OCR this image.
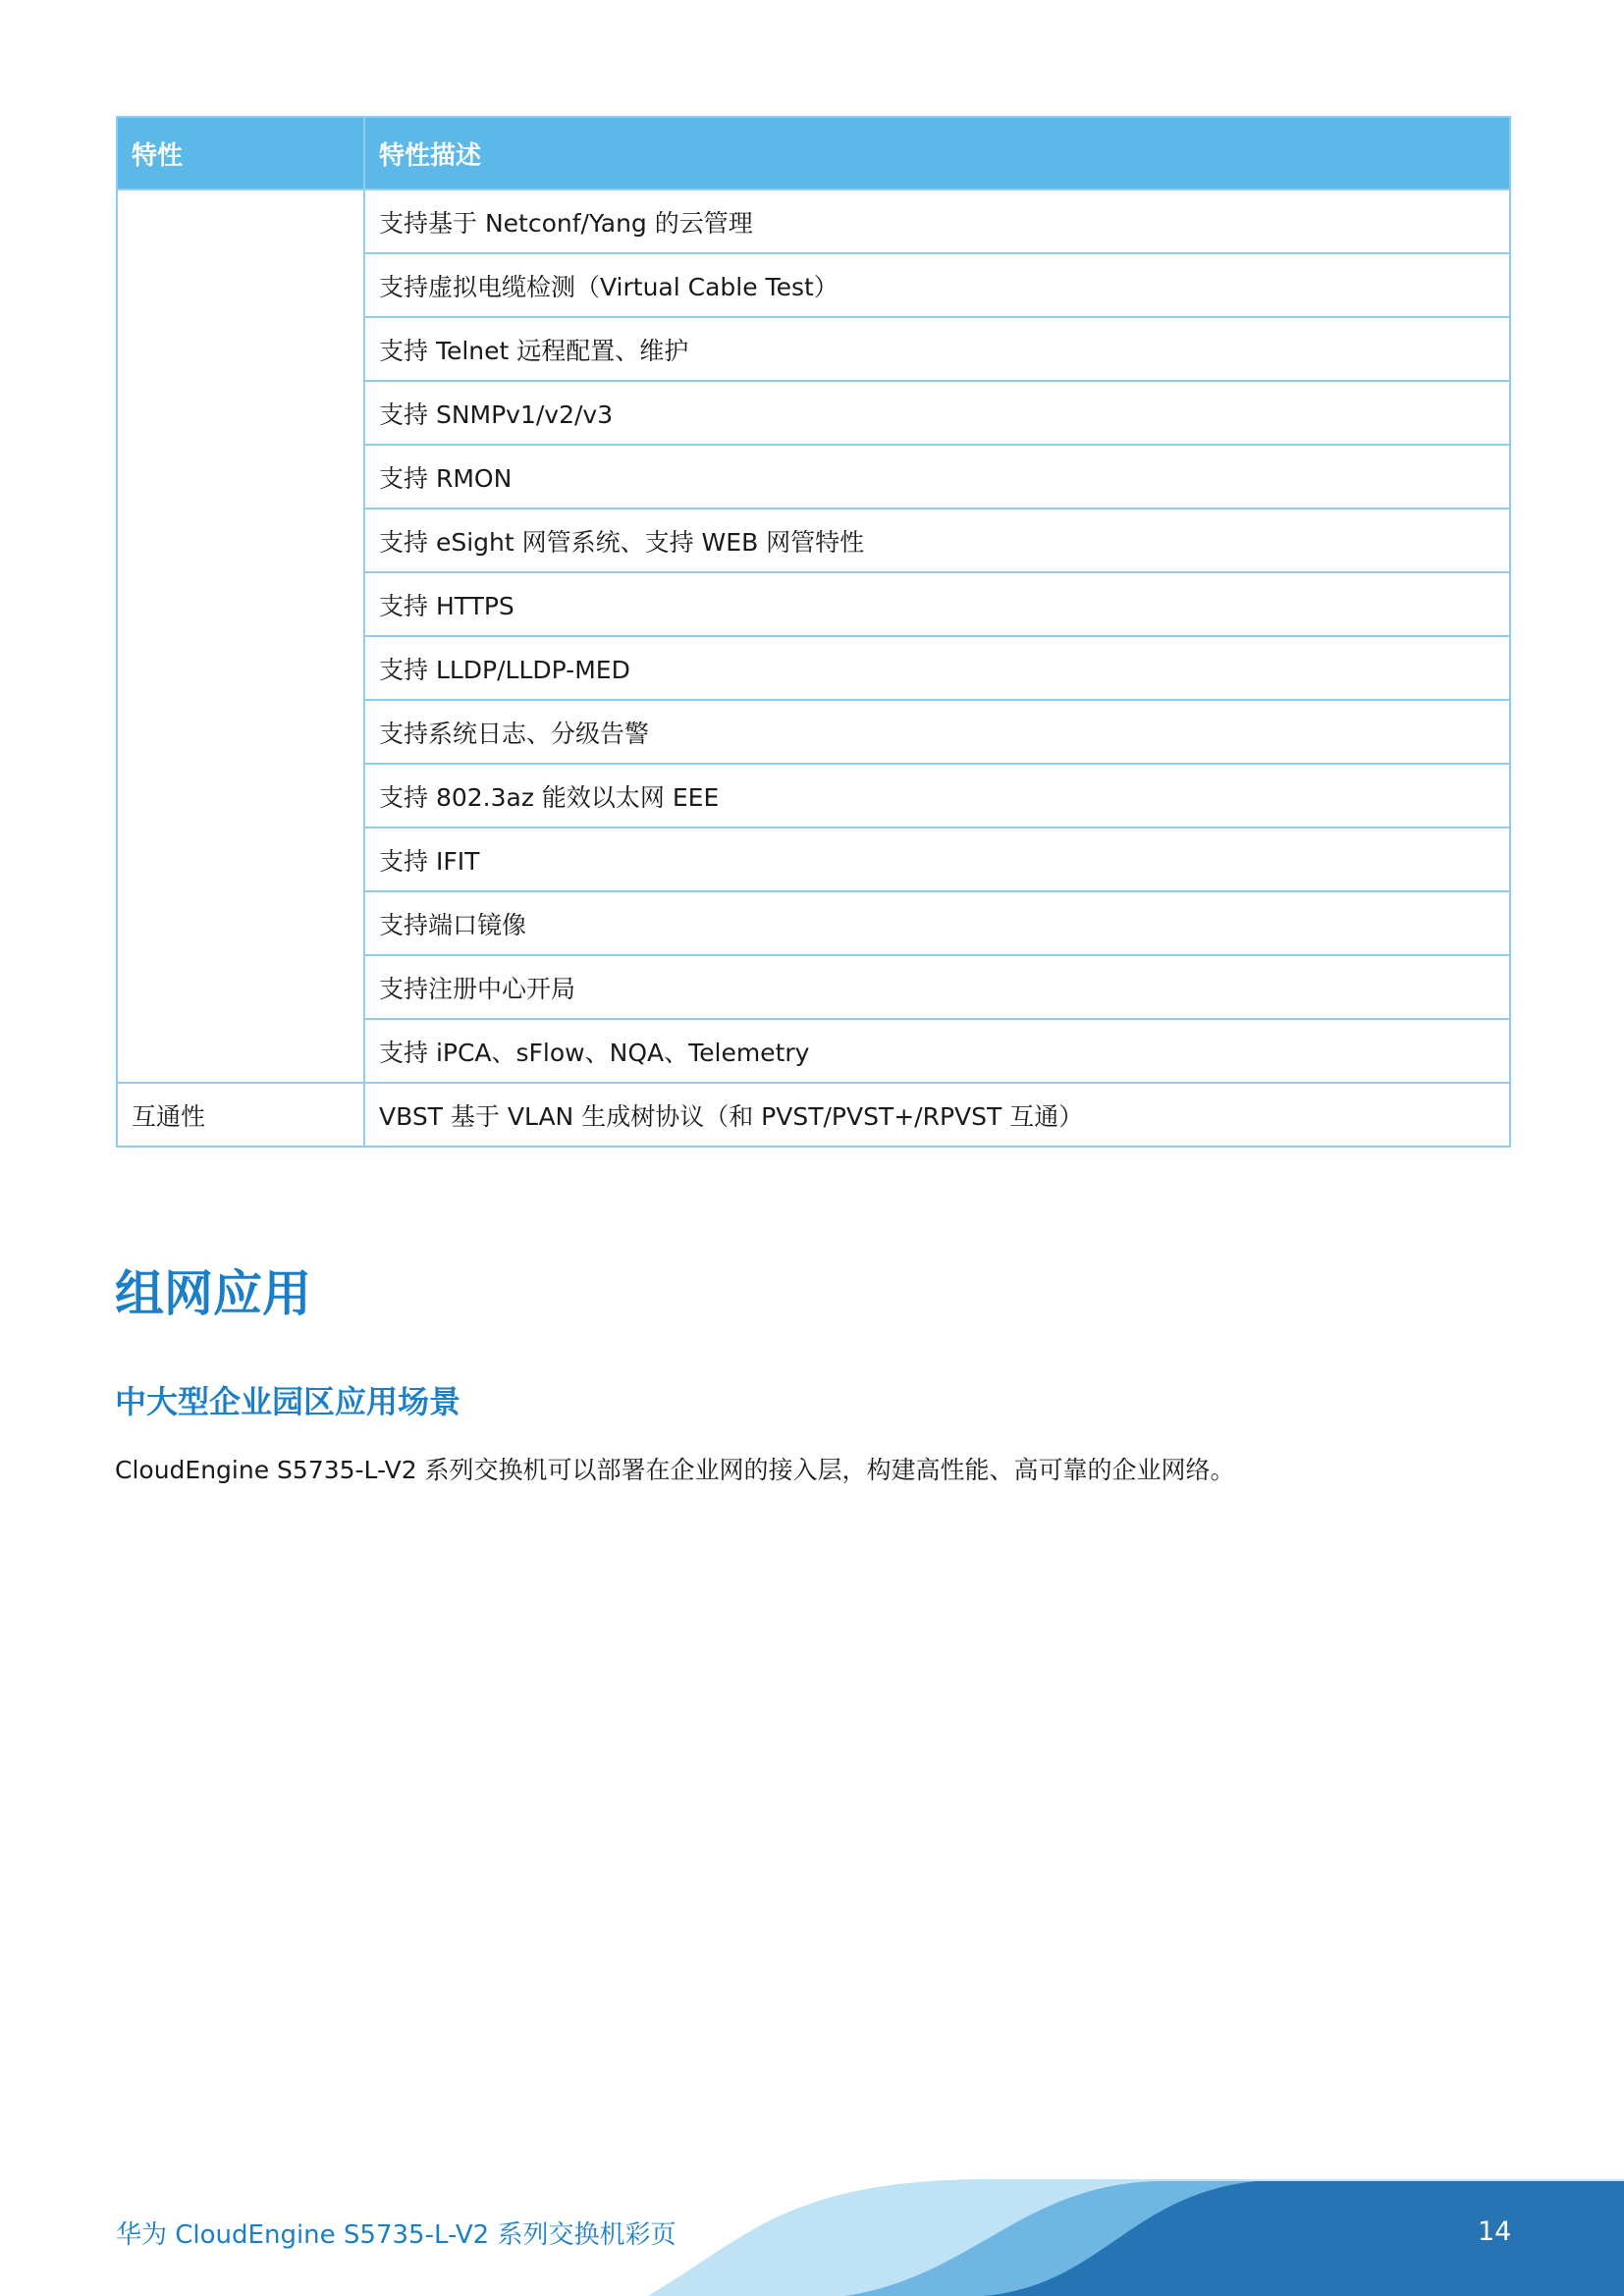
特性	特性描述
	支持基于 Netconf/Yang 的云管理
	支持虚拟电缆检测（Virtual Cable Test）
	支持 Telnet 远程配置、维护
	支持 SNMPv1/v2/v3
	支持 RMON
	支持 eSight 网管系统、支持 WEB 网管特性
	支持 HTTPS
	支持 LLDP/LLDP-MED
	支持系统日志、分级告警
	支持 802.3az 能效以太网 EEE
	支持 IFIT
	支持端口镜像
	支持注册中心开局
	支持 iPCA、sFlow、NQA、Telemetry
互通性	VBST 基于 VLAN 生成树协议（和 PVST/PVST+/RPVST 互通）
组网应用
中大型企业园区应用场景

CloudEngine S5735-L-V2 系列交换机可以部署在企业网的接入层，构建高性能、高可靠的企业网络。

华为 CloudEngine S5735-L-V2 系列交换机彩页	14
